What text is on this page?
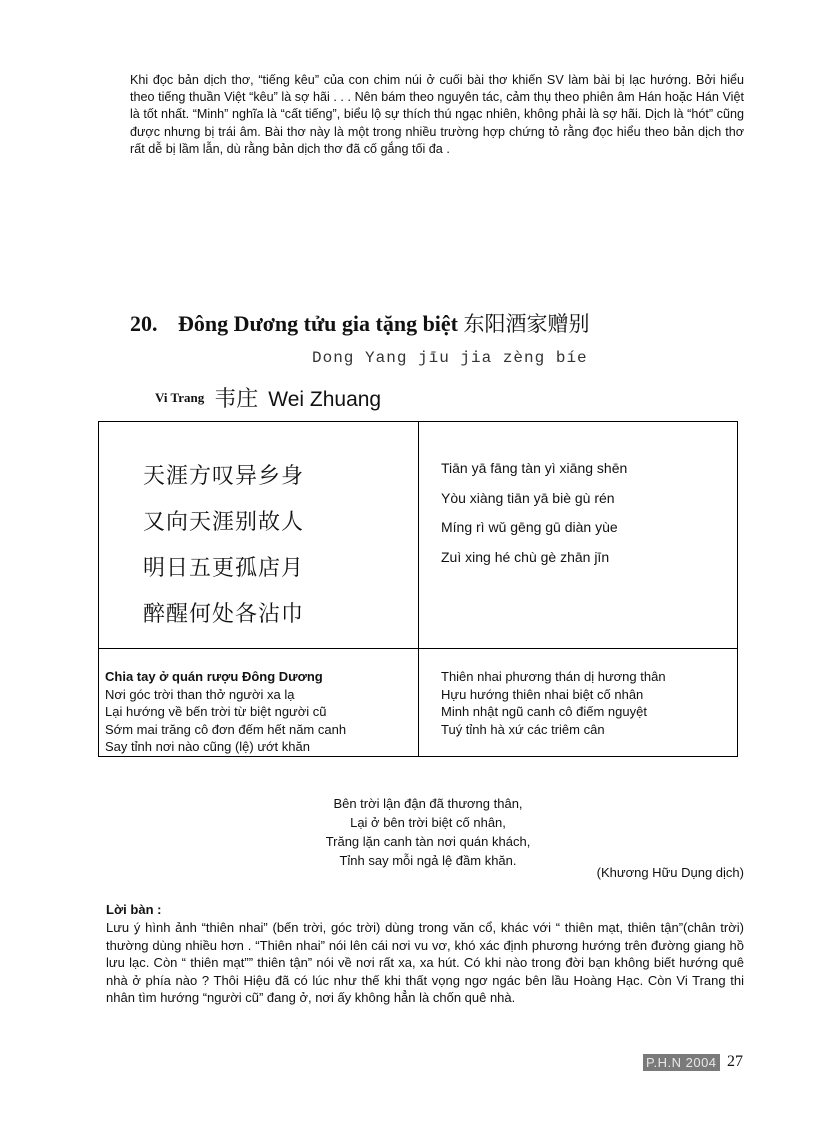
Khi đọc bản dịch thơ, “tiếng kêu” của con chim núi ở cuối bài thơ khiến SV làm bài bị lạc hướng. Bởi hiểu theo tiếng thuần Việt “kêu” là sợ hãi . . . Nên bám theo nguyên tác, cảm thụ theo phiên âm Hán hoặc Hán Việt là tốt nhất. “Minh” nghĩa là “cất tiếng”, biểu lộ sự thích thú ngạc nhiên, không phải là sợ hãi. Dịch là “hót” cũng được nhưng bị trái âm. Bài thơ này là một trong nhiều trường hợp chứng tỏ rằng đọc hiểu theo bản dịch thơ rất dễ bị lầm lẫn, dù rằng bản dịch thơ đã cố gắng tối đa .

20. Đông Dương tửu gia tặng biệt 东阳酒家赠别
Dong Yang jīu jia zèng bíe
$^{Vi Trang}$ 韦庄 Wei Zhuang
天涯方叹异乡身
又向天涯别故人
明日五更孤店月
醉醒何处各沾巾
Tiān yā fāng tàn yì xiāng shēn
Yòu xiàng tiān yā biè gù rén
Míng rì wǔ gēng gū diàn yùe
Zuì xing hé chù gè zhān jīn
Chia tay ở quán rượu Đông Dương
Nơi góc trời than thở người xa lạ
Lại hướng về bến trời từ biệt người cũ
Sớm mai trăng cô đơn đếm hết năm canh
Say tỉnh nơi nào cũng (lệ) ướt khăn
Thiên nhai phương thán dị hương thân
Hựu hướng thiên nhai biệt cố nhân
Minh nhật ngũ canh cô điếm nguyệt
Tuý tỉnh hà xứ các triêm cân
Bên trời lận đận đã thương thân,
Lại ở bên trời biệt cố nhân,
Trăng lặn canh tàn nơi quán khách,
Tỉnh say mỗi ngả lệ đầm khăn.
(Khương Hữu Dụng dịch)
Lời bàn :

Lưu ý hình ảnh “thiên nhai” (bến trời, góc trời) dùng trong văn cổ, khác với “ thiên mạt, thiên tận”(chân trời) thường dùng nhiều hơn . “Thiên nhai” nói lên cái nơi vu vơ, khó xác định phương hướng trên đường giang hồ lưu lạc. Còn “ thiên mạt”” thiên tận” nói về nơi rất xa, xa hút. Có khi nào trong đời bạn không biết hướng quê nhà ở phía nào ? Thôi Hiệu đã có lúc như thế khi thất vọng ngơ ngác bên lầu Hoàng Hạc. Còn Vi Trang thi nhân tìm hướng “người cũ” đang ở, nơi ấy không hẳn là chốn quê nhà.

P.H.N 2004 27
